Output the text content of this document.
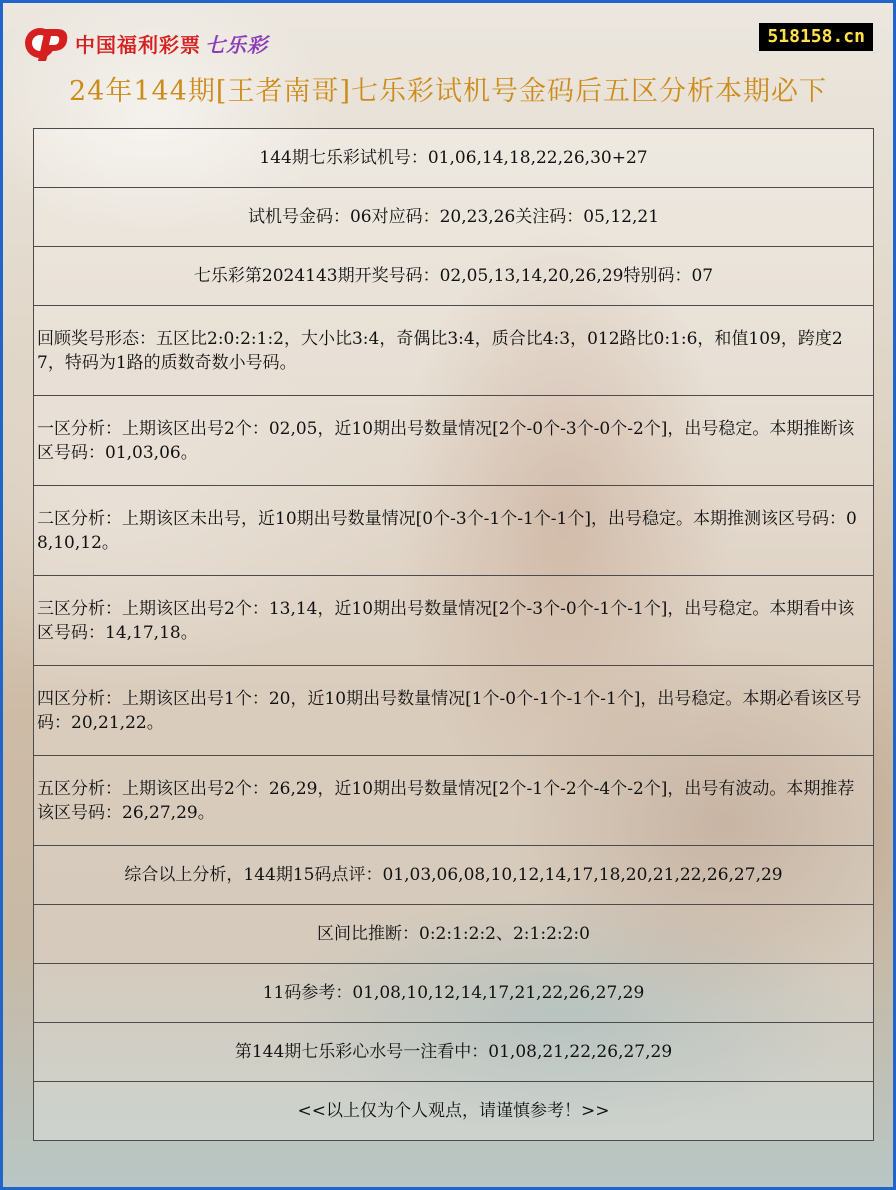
中国福利彩票 七乐彩	518158.cn
24年144期[王者南哥]七乐彩试机号金码后五区分析本期必下
144期七乐彩试机号：01,06,14,18,22,26,30+27
试机号金码：06对应码：20,23,26关注码：05,12,21
七乐彩第2024143期开奖号码：02,05,13,14,20,26,29特别码：07
回顾奖号形态：五区比2:0:2:1:2，大小比3:4，奇偶比3:4，质合比4:3，012路比0:1:6，和值109，跨度27，特码为1路的质数奇数小号码。
一区分析：上期该区出号2个：02,05，近10期出号数量情况[2个-0个-3个-0个-2个]，出号稳定。本期推断该区号码：01,03,06。
二区分析：上期该区未出号，近10期出号数量情况[0个-3个-1个-1个-1个]，出号稳定。本期推测该区号码：08,10,12。
三区分析：上期该区出号2个：13,14，近10期出号数量情况[2个-3个-0个-1个-1个]，出号稳定。本期看中该区号码：14,17,18。
四区分析：上期该区出号1个：20，近10期出号数量情况[1个-0个-1个-1个-1个]，出号稳定。本期必看该区号码：20,21,22。
五区分析：上期该区出号2个：26,29，近10期出号数量情况[2个-1个-2个-4个-2个]，出号有波动。本期推荐该区号码：26,27,29。
综合以上分析，144期15码点评：01,03,06,08,10,12,14,17,18,20,21,22,26,27,29
区间比推断：0:2:1:2:2、2:1:2:2:0
11码参考：01,08,10,12,14,17,21,22,26,27,29
第144期七乐彩心水号一注看中：01,08,21,22,26,27,29
<<以上仅为个人观点，请谨慎参考！>>
